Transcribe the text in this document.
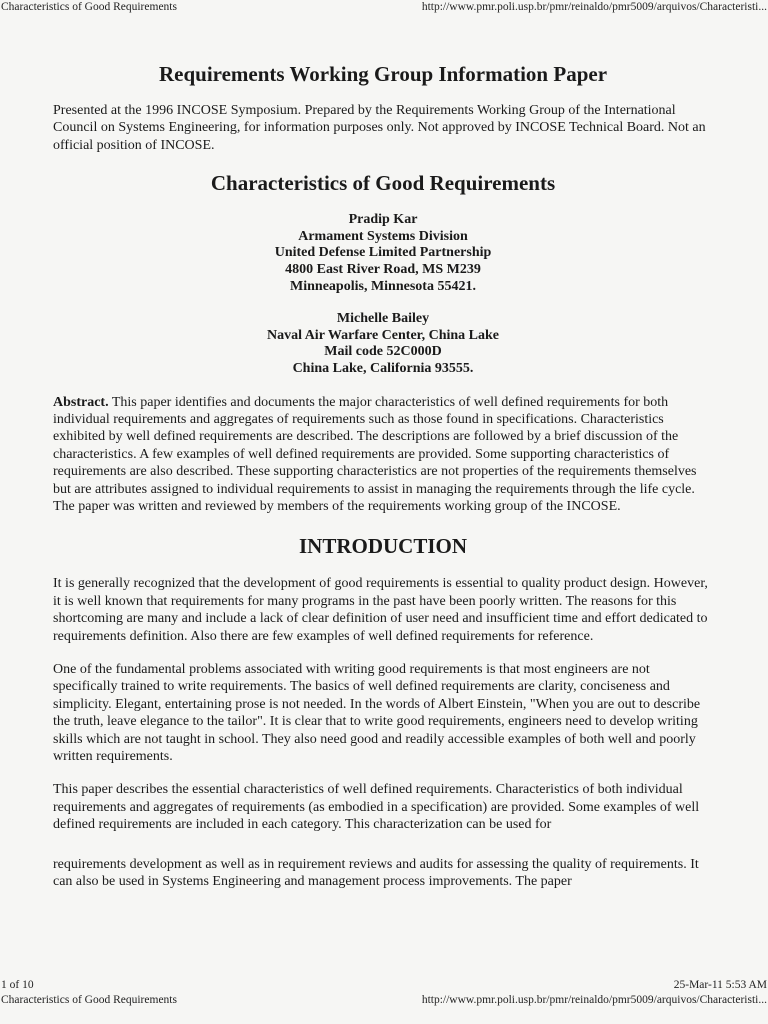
Characteristics of Good Requirements	http://www.pmr.poli.usp.br/pmr/reinaldo/pmr5009/arquivos/Characteristi...
Requirements Working Group Information Paper

Presented at the 1996 INCOSE Symposium. Prepared by the Requirements Working Group of the International Council on Systems Engineering, for information purposes only. Not approved by INCOSE Technical Board. Not an official position of INCOSE.

Characteristics of Good Requirements
Pradip Kar
Armament Systems Division
United Defense Limited Partnership
4800 East River Road, MS M239
Minneapolis, Minnesota 55421.
Michelle Bailey
Naval Air Warfare Center, China Lake
Mail code 52C000D
China Lake, California 93555.

Abstract. This paper identifies and documents the major characteristics of well defined requirements for both individual requirements and aggregates of requirements such as those found in specifications. Characteristics exhibited by well defined requirements are described. The descriptions are followed by a brief discussion of the characteristics. A few examples of well defined requirements are provided. Some supporting characteristics of requirements are also described. These supporting characteristics are not properties of the requirements themselves but are attributes assigned to individual requirements to assist in managing the requirements through the life cycle. The paper was written and reviewed by members of the requirements working group of the INCOSE.

INTRODUCTION

It is generally recognized that the development of good requirements is essential to quality product design. However, it is well known that requirements for many programs in the past have been poorly written. The reasons for this shortcoming are many and include a lack of clear definition of user need and insufficient time and effort dedicated to requirements definition. Also there are few examples of well defined requirements for reference.

One of the fundamental problems associated with writing good requirements is that most engineers are not specifically trained to write requirements. The basics of well defined requirements are clarity, conciseness and simplicity. Elegant, entertaining prose is not needed. In the words of Albert Einstein, "When you are out to describe the truth, leave elegance to the tailor". It is clear that to write good requirements, engineers need to develop writing skills which are not taught in school. They also need good and readily accessible examples of both well and poorly written requirements.

This paper describes the essential characteristics of well defined requirements. Characteristics of both individual requirements and aggregates of requirements (as embodied in a specification) are provided. Some examples of well defined requirements are included in each category. This characterization can be used for

requirements development as well as in requirement reviews and audits for assessing the quality of requirements. It can also be used in Systems Engineering and management process improvements. The paper

1 of 10	25-Mar-11 5:53 AM
Characteristics of Good Requirements	http://www.pmr.poli.usp.br/pmr/reinaldo/pmr5009/arquivos/Characteristi...
